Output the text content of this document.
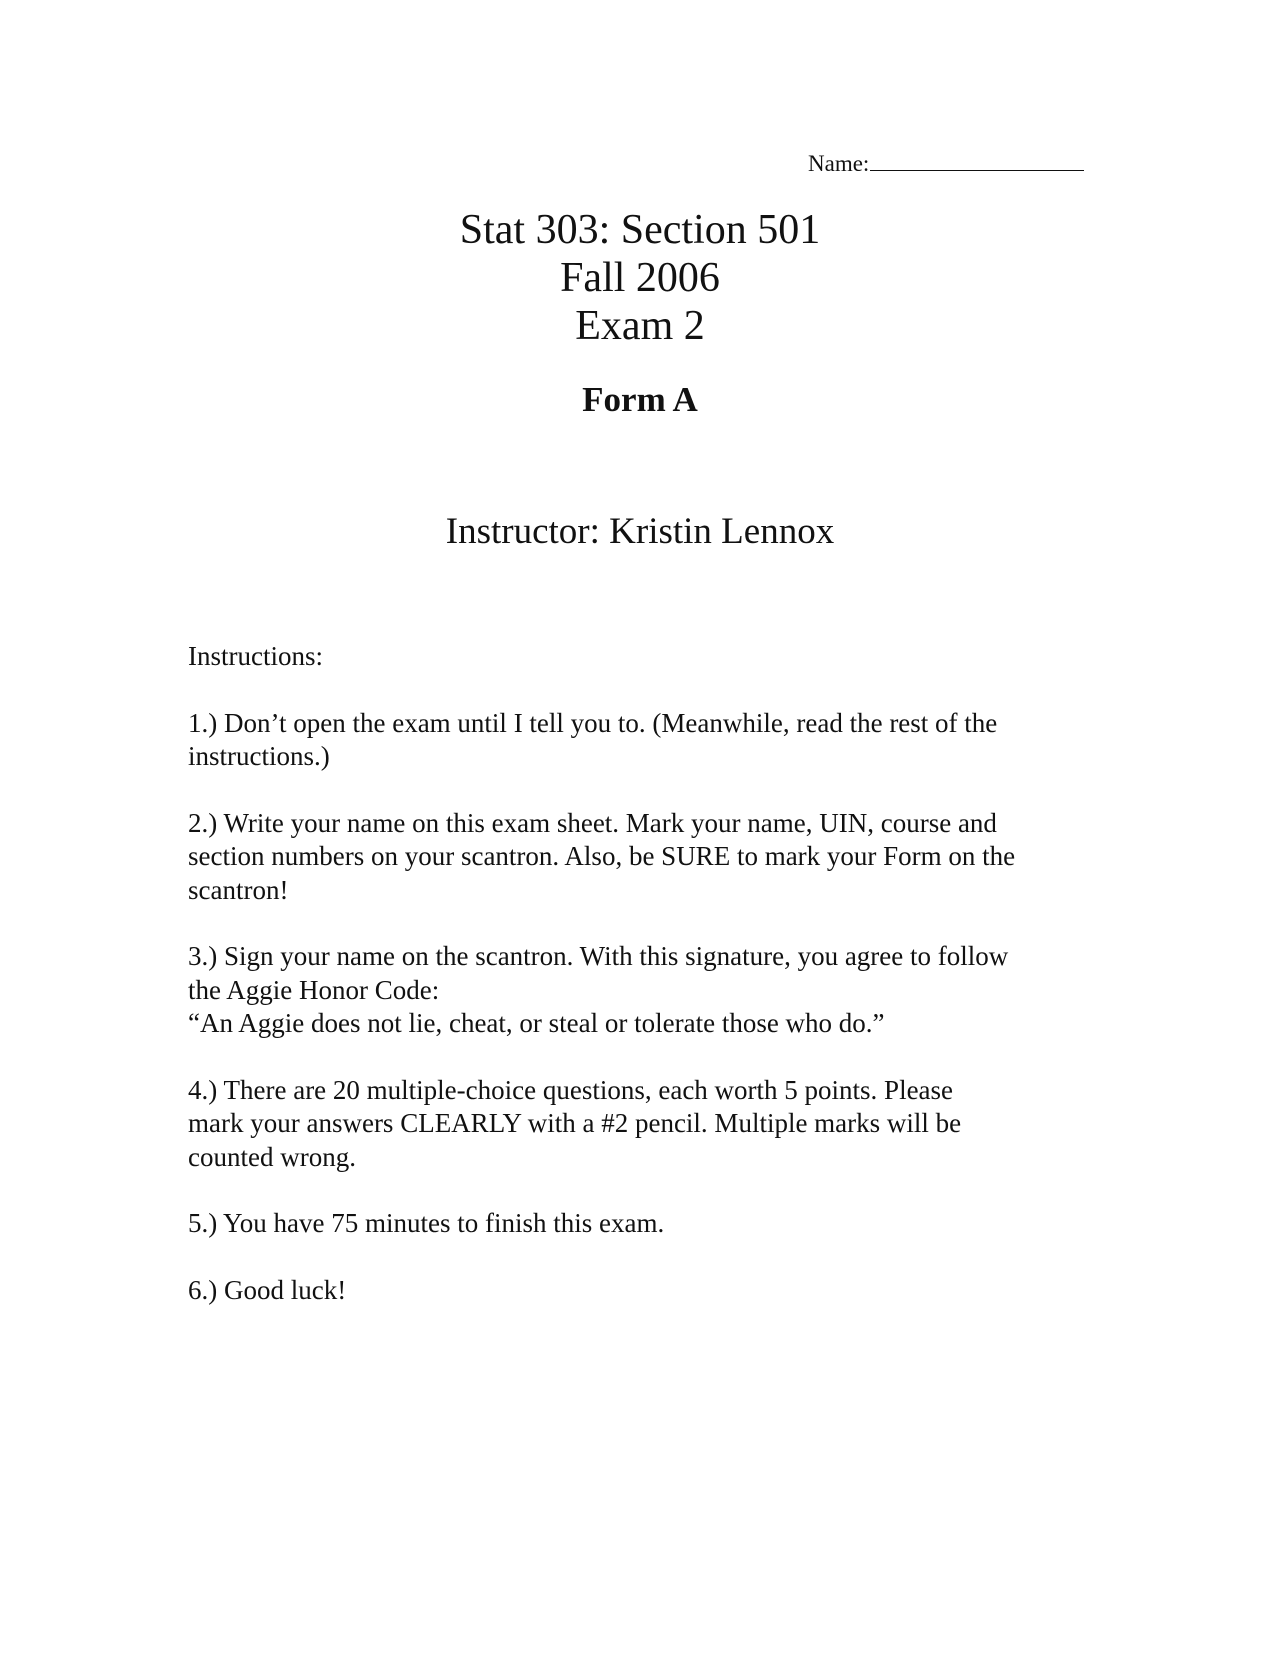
Name:
Stat 303: Section 501
Fall 2006
Exam 2
Form A
Instructor: Kristin Lennox

Instructions:

1.) Don’t open the exam until I tell you to. (Meanwhile, read the rest of the

instructions.)

2.) Write your name on this exam sheet. Mark your name, UIN, course and

section numbers on your scantron. Also, be SURE to mark your Form on the

scantron!

3.) Sign your name on the scantron. With this signature, you agree to follow

the Aggie Honor Code:

“An Aggie does not lie, cheat, or steal or tolerate those who do.”

4.) There are 20 multiple-choice questions, each worth 5 points. Please

mark your answers CLEARLY with a #2 pencil. Multiple marks will be

counted wrong.

5.) You have 75 minutes to finish this exam.

6.) Good luck!
